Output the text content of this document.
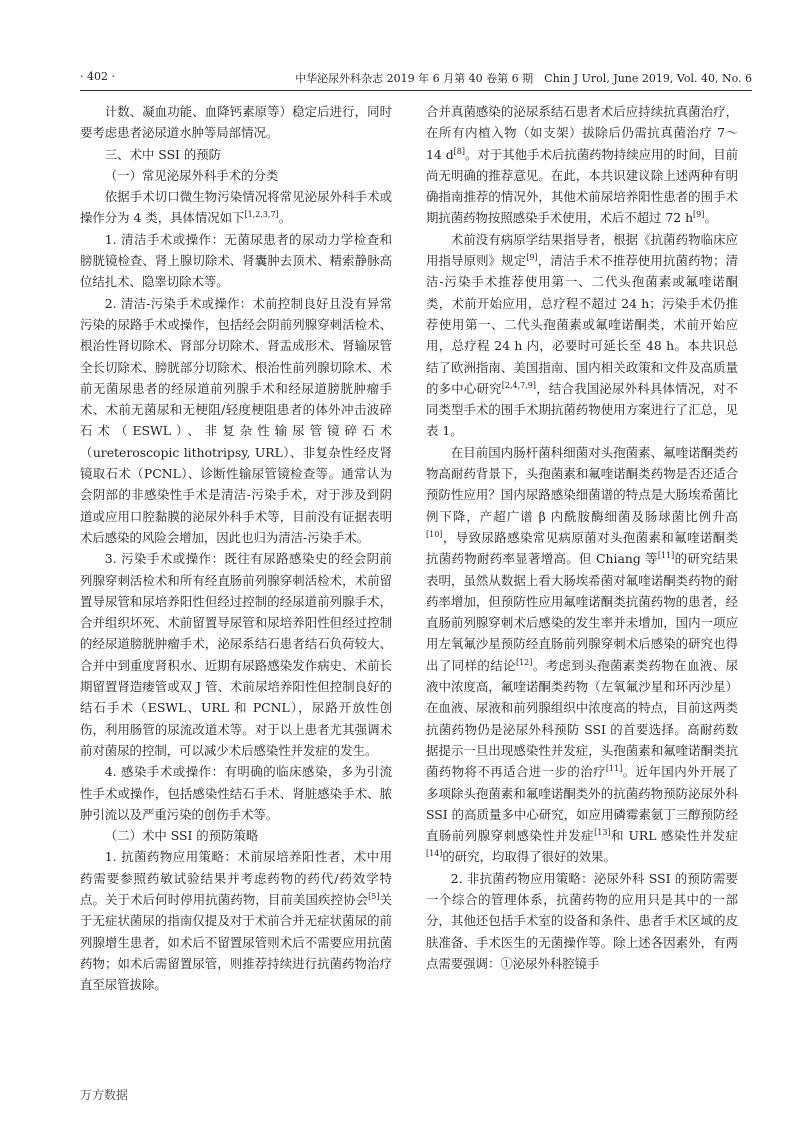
· 402 ·	中华泌尿外科杂志 2019 年 6 月第 40 卷第 6 期　Chin J Urol, June 2019, Vol. 40, No. 6

计数、凝血功能、血降钙素原等）稳定后进行，同时要考虑患者泌尿道水肿等局部情况。

三、术中 SSI 的预防

（一）常见泌尿外科手术的分类

依据手术切口微生物污染情况将常见泌尿外科手术或操作分为 4 类，具体情况如下[1,2,3,7]。

1. 清洁手术或操作：无菌尿患者的尿动力学检查和膀胱镜检查、肾上腺切除术、肾囊肿去顶术、精索静脉高位结扎术、隐睾切除术等。

2. 清洁-污染手术或操作：术前控制良好且没有异常污染的尿路手术或操作，包括经会阴前列腺穿刺活检术、根治性肾切除术、肾部分切除术、肾盂成形术、肾输尿管全长切除术、膀胱部分切除术、根治性前列腺切除术、术前无菌尿患者的经尿道前列腺手术和经尿道膀胱肿瘤手术、术前无菌尿和无梗阻/轻度梗阻患者的体外冲击波碎石术（ESWL）、非复杂性输尿管镜碎石术（ureteroscopic lithotripsy, URL）、非复杂性经皮肾镜取石术（PCNL）、诊断性输尿管镜检查等。通常认为会阴部的非感染性手术是清洁-污染手术，对于涉及到阴道或应用口腔黏膜的泌尿外科手术等，目前没有证据表明术后感染的风险会增加，因此也归为清洁-污染手术。

3. 污染手术或操作：既往有尿路感染史的经会阴前列腺穿刺活检术和所有经直肠前列腺穿刺活检术，术前留置导尿管和尿培养阳性但经过控制的经尿道前列腺手术，合并组织坏死、术前留置导尿管和尿培养阳性但经过控制的经尿道膀胱肿瘤手术，泌尿系结石患者结石负荷较大、合并中到重度肾积水、近期有尿路感染发作病史、术前长期留置肾造瘘管或双 J 管、术前尿培养阳性但控制良好的结石手术（ESWL、URL 和 PCNL），尿路开放性创伤，利用肠管的尿流改道术等。对于以上患者尤其强调术前对菌尿的控制，可以减少术后感染性并发症的发生。

4. 感染手术或操作：有明确的临床感染，多为引流性手术或操作，包括感染性结石手术、肾脏感染手术、脓肿引流以及严重污染的创伤手术等。

（二）术中 SSI 的预防策略

1. 抗菌药物应用策略：术前尿培养阳性者，术中用药需要参照药敏试验结果并考虑药物的药代/药效学特点。关于术后何时停用抗菌药物，目前美国疾控协会[5]关于无症状菌尿的指南仅提及对于术前合并无症状菌尿的前列腺增生患者，如术后不留置尿管则术后不需要应用抗菌药物；如术后需留置尿管，则推荐持续进行抗菌药物治疗直至尿管拔除。

合并真菌感染的泌尿系结石患者术后应持续抗真菌治疗，在所有内植入物（如支架）拔除后仍需抗真菌治疗 7～14 d[8]。对于其他手术后抗菌药物持续应用的时间，目前尚无明确的推荐意见。在此，本共识建议除上述两种有明确指南推荐的情况外，其他术前尿培养阳性患者的围手术期抗菌药物按照感染手术使用，术后不超过 72 h[9]。

术前没有病原学结果指导者，根据《抗菌药物临床应用指导原则》规定[9]，清洁手术不推荐使用抗菌药物；清洁-污染手术推荐使用第一、二代头孢菌素或氟喹诺酮类，术前开始应用，总疗程不超过 24 h；污染手术仍推荐使用第一、二代头孢菌素或氟喹诺酮类，术前开始应用，总疗程 24 h 内，必要时可延长至 48 h。本共识总结了欧洲指南、美国指南、国内相关政策和文件及高质量的多中心研究[2,4,7,9]，结合我国泌尿外科具体情况，对不同类型手术的围手术期抗菌药物使用方案进行了汇总，见表 1。

在目前国内肠杆菌科细菌对头孢菌素、氟喹诺酮类药物高耐药背景下，头孢菌素和氟喹诺酮类药物是否还适合预防性应用？国内尿路感染细菌谱的特点是大肠埃希菌比例下降，产超广谱 β 内酰胺酶细菌及肠球菌比例升高[10]，导致尿路感染常见病原菌对头孢菌素和氟喹诺酮类抗菌药物耐药率显著增高。但 Chiang 等[11]的研究结果表明，虽然从数据上看大肠埃希菌对氟喹诺酮类药物的耐药率增加，但预防性应用氟喹诺酮类抗菌药物的患者，经直肠前列腺穿刺术后感染的发生率并未增加，国内一项应用左氧氟沙星预防经直肠前列腺穿刺术后感染的研究也得出了同样的结论[12]。考虑到头孢菌素类药物在血液、尿液中浓度高，氟喹诺酮类药物（左氧氟沙星和环丙沙星）在血液、尿液和前列腺组织中浓度高的特点，目前这两类抗菌药物仍是泌尿外科预防 SSI 的首要选择。高耐药数据提示一旦出现感染性并发症，头孢菌素和氟喹诺酮类抗菌药物将不再适合进一步的治疗[11]。近年国内外开展了多项除头孢菌素和氟喹诺酮类外的抗菌药物预防泌尿外科 SSI 的高质量多中心研究，如应用磷霉素氨丁三醇预防经直肠前列腺穿刺感染性并发症[13]和 URL 感染性并发症[14]的研究，均取得了很好的效果。

2. 非抗菌药物应用策略：泌尿外科 SSI 的预防需要一个综合的管理体系，抗菌药物的应用只是其中的一部分，其他还包括手术室的设备和条件、患者手术区域的皮肤准备、手术医生的无菌操作等。除上述各因素外，有两点需要强调：①泌尿外科腔镜手

万方数据
